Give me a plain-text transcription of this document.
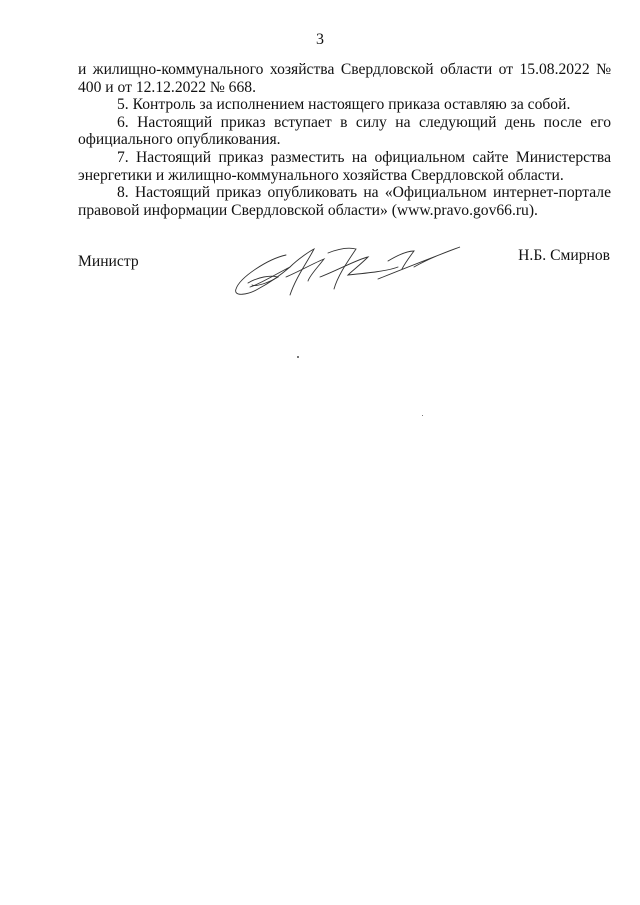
3

и жилищно-коммунального хозяйства Свердловской области от 15.08.2022 № 400 и от 12.12.2022 № 668.

5. Контроль за исполнением настоящего приказа оставляю за собой.

6. Настоящий приказ вступает в силу на следующий день после его официального опубликования.

7. Настоящий приказ разместить на официальном сайте Министерства энергетики и жилищно-коммунального хозяйства Свердловской области.

8. Настоящий приказ опубликовать на «Официальном интернет-портале правовой информации Свердловской области» (www.pravo.gov66.ru).

Министр	Н.Б. Смирнов
